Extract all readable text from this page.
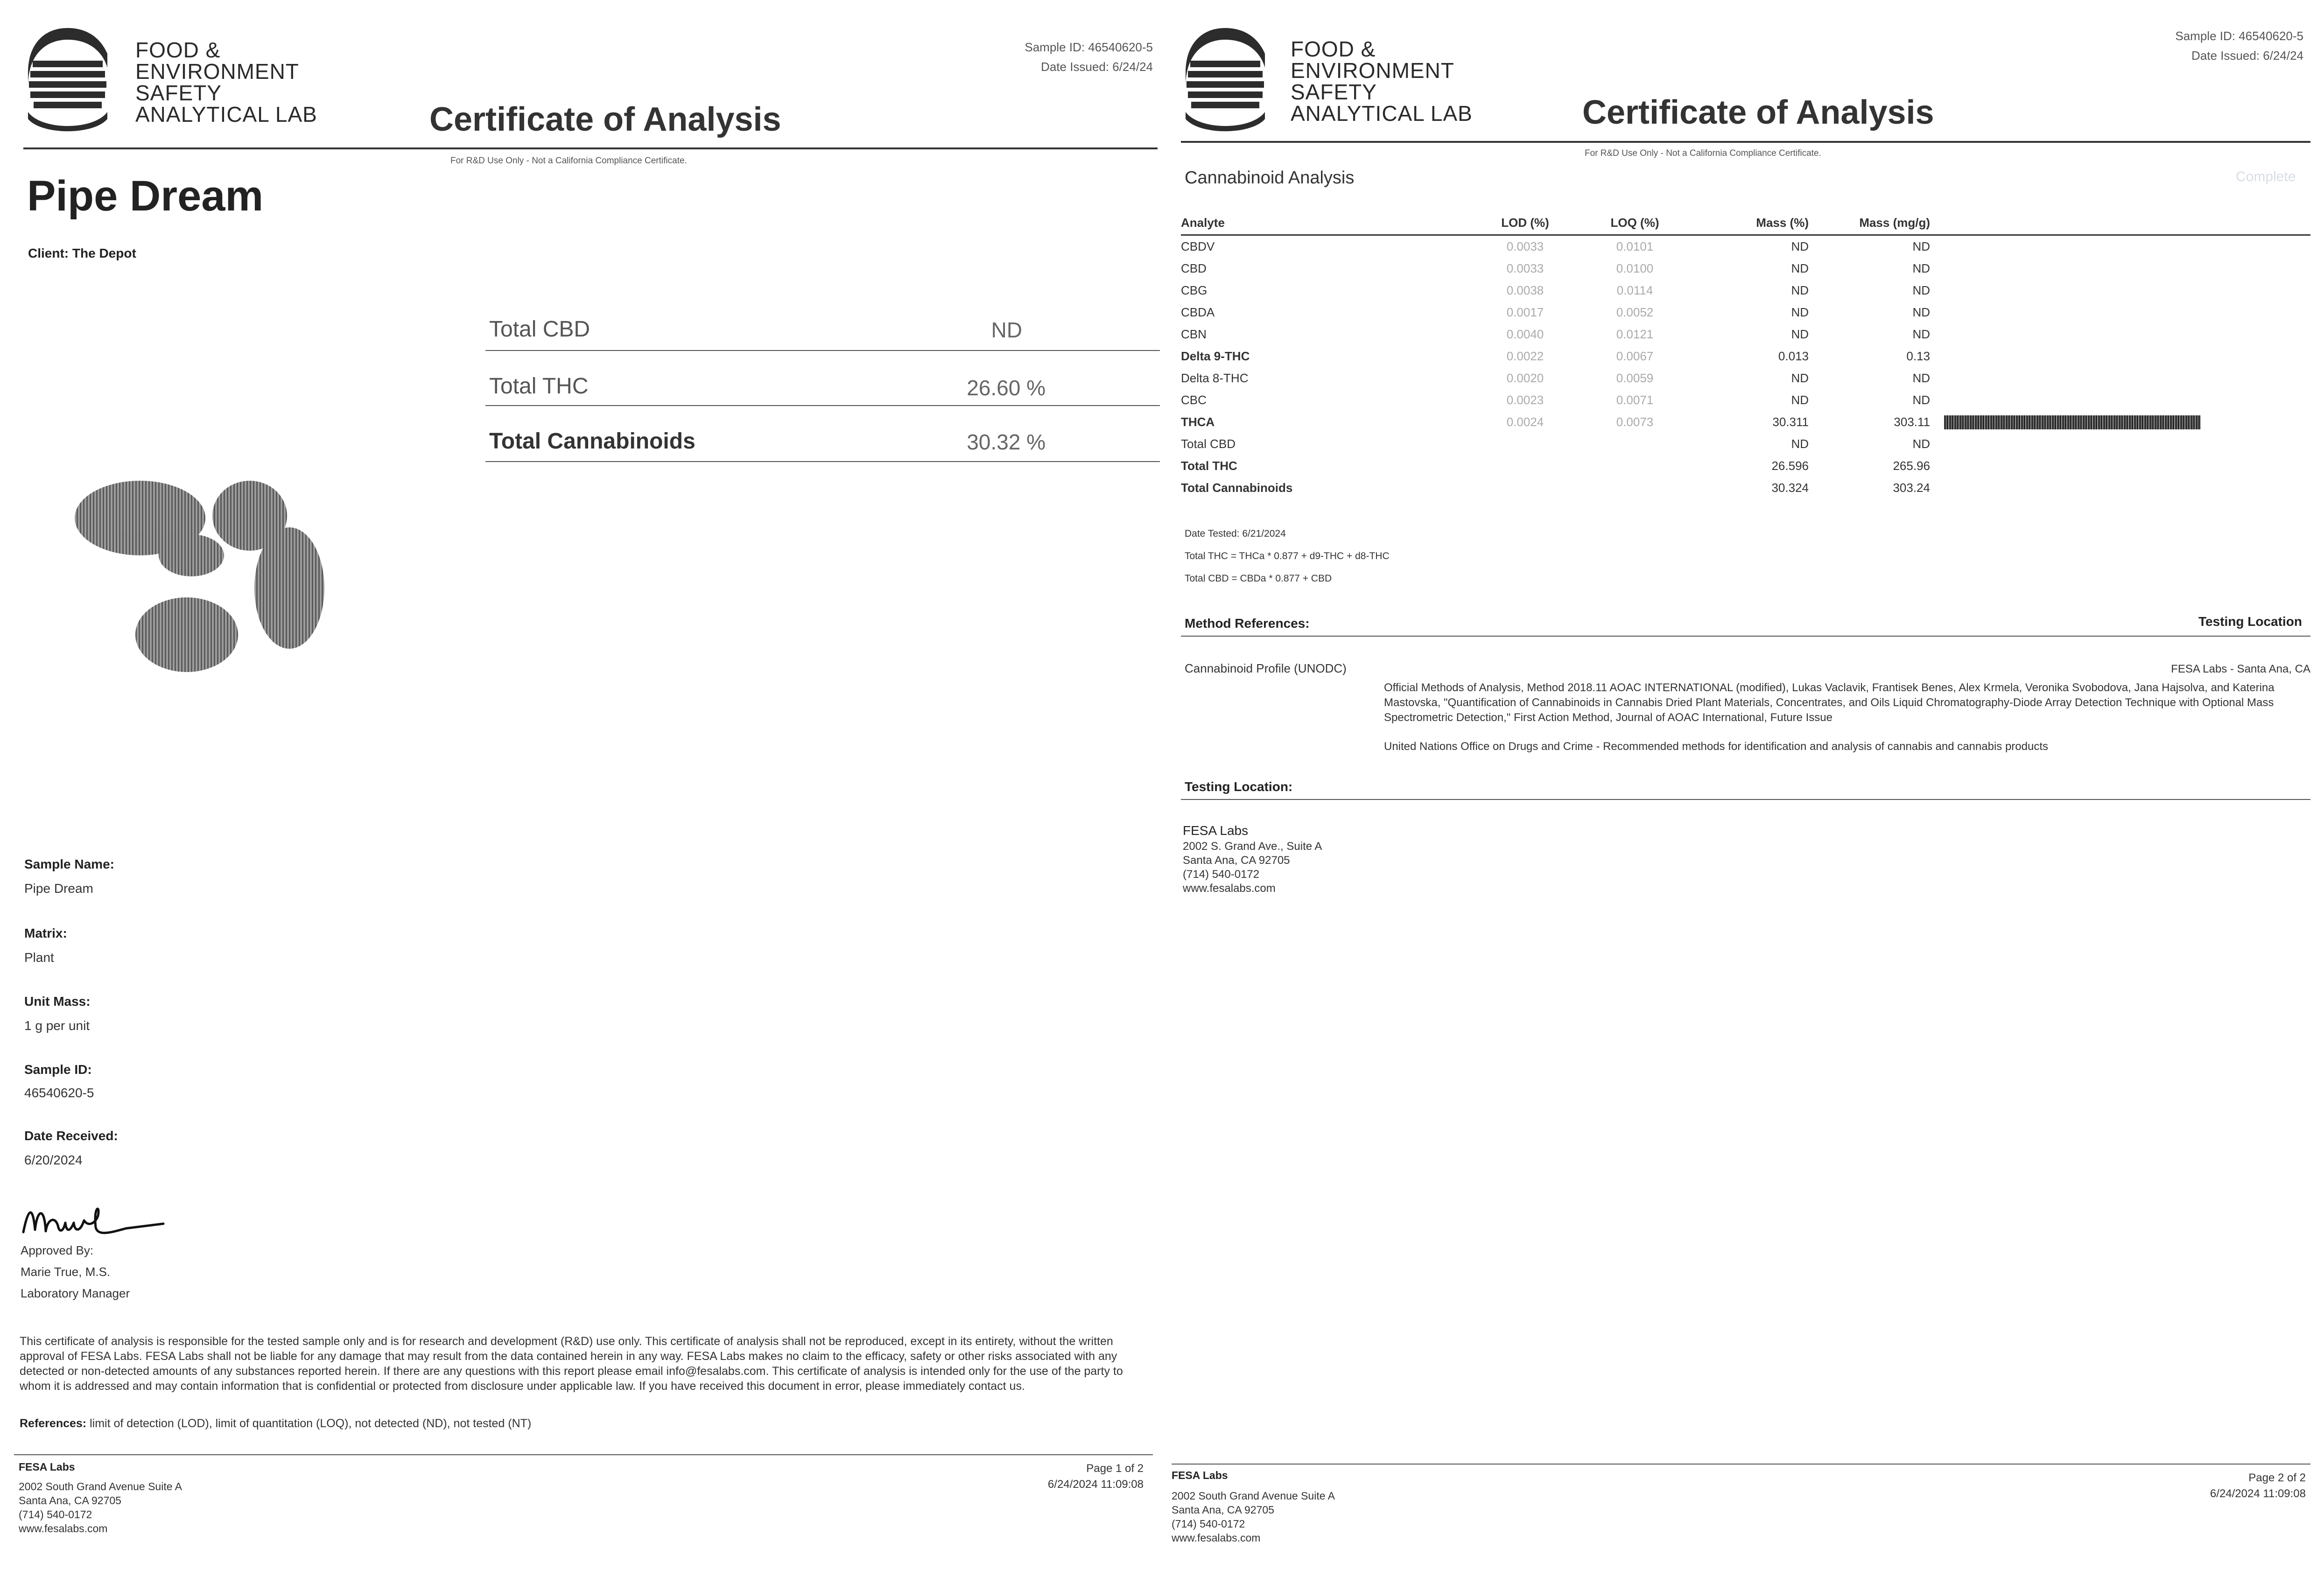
FOOD &
ENVIRONMENT
SAFETY
ANALYTICAL LAB
Sample ID: 46540620-5
Date Issued: 6/24/24
Certificate of Analysis
For R&D Use Only - Not a California Compliance Certificate.
Pipe Dream
Client: The Depot
Total CBD	ND
Total THC	26.60 %
Total Cannabinoids	30.32 %
Sample Name:
Pipe Dream
Matrix:
Plant
Unit Mass:
1 g per unit
Sample ID:
46540620-5
Date Received:
6/20/2024
Approved By:
Marie True, M.S.
Laboratory Manager
This certificate of analysis is responsible for the tested sample only and is for research and development (R&D) use only. This certificate of analysis shall not be reproduced, except in its entirety, without the written approval of FESA Labs. FESA Labs shall not be liable for any damage that may result from the data contained herein in any way. FESA Labs makes no claim to the efficacy, safety or other risks associated with any detected or non-detected amounts of any substances reported herein. If there are any questions with this report please email info@fesalabs.com. This certificate of analysis is intended only for the use of the party to whom it is addressed and may contain information that is confidential or protected from disclosure under applicable law. If you have received this document in error, please immediately contact us.
References: limit of detection (LOD), limit of quantitation (LOQ), not detected (ND), not tested (NT)
FESA Labs
2002 South Grand Avenue Suite A
Santa Ana, CA 92705
(714) 540-0172
www.fesalabs.com
Page 1 of 2
6/24/2024 11:09:08
FOOD &
ENVIRONMENT
SAFETY
ANALYTICAL LAB
Sample ID: 46540620-5
Date Issued: 6/24/24
Certificate of Analysis
For R&D Use Only - Not a California Compliance Certificate.
Cannabinoid Analysis	Complete
Analyte	LOD (%)	LOQ (%)	Mass (%)	Mass (mg/g)	
CBDV	0.0033	0.0101	ND	ND	
CBD	0.0033	0.0100	ND	ND	
CBG	0.0038	0.0114	ND	ND	
CBDA	0.0017	0.0052	ND	ND	
CBN	0.0040	0.0121	ND	ND	
Delta 9-THC	0.0022	0.0067	0.013	0.13	
Delta 8-THC	0.0020	0.0059	ND	ND	
CBC	0.0023	0.0071	ND	ND	
THCA	0.0024	0.0073	30.311	303.11	

Total CBD			ND	ND	
Total THC			26.596	265.96	
Total Cannabinoids			30.324	303.24	
Date Tested: 6/21/2024
Total THC = THCa * 0.877 + d9-THC + d8-THC
Total CBD = CBDa * 0.877 + CBD
Method References:	Testing Location
Cannabinoid Profile (UNODC)	FESA Labs - Santa Ana, CA
Official Methods of Analysis, Method 2018.11 AOAC INTERNATIONAL (modified), Lukas Vaclavik, Frantisek Benes, Alex Krmela, Veronika Svobodova, Jana Hajsolva, and Katerina Mastovska, "Quantification of Cannabinoids in Cannabis Dried Plant Materials, Concentrates, and Oils Liquid Chromatography-Diode Array Detection Technique with Optional Mass Spectrometric Detection," First Action Method, Journal of AOAC International, Future Issue
United Nations Office on Drugs and Crime - Recommended methods for identification and analysis of cannabis and cannabis products
Testing Location:
FESA Labs
2002 S. Grand Ave., Suite A
Santa Ana, CA 92705
(714) 540-0172
www.fesalabs.com
FESA Labs
2002 South Grand Avenue Suite A
Santa Ana, CA 92705
(714) 540-0172
www.fesalabs.com
Page 2 of 2
6/24/2024 11:09:08
